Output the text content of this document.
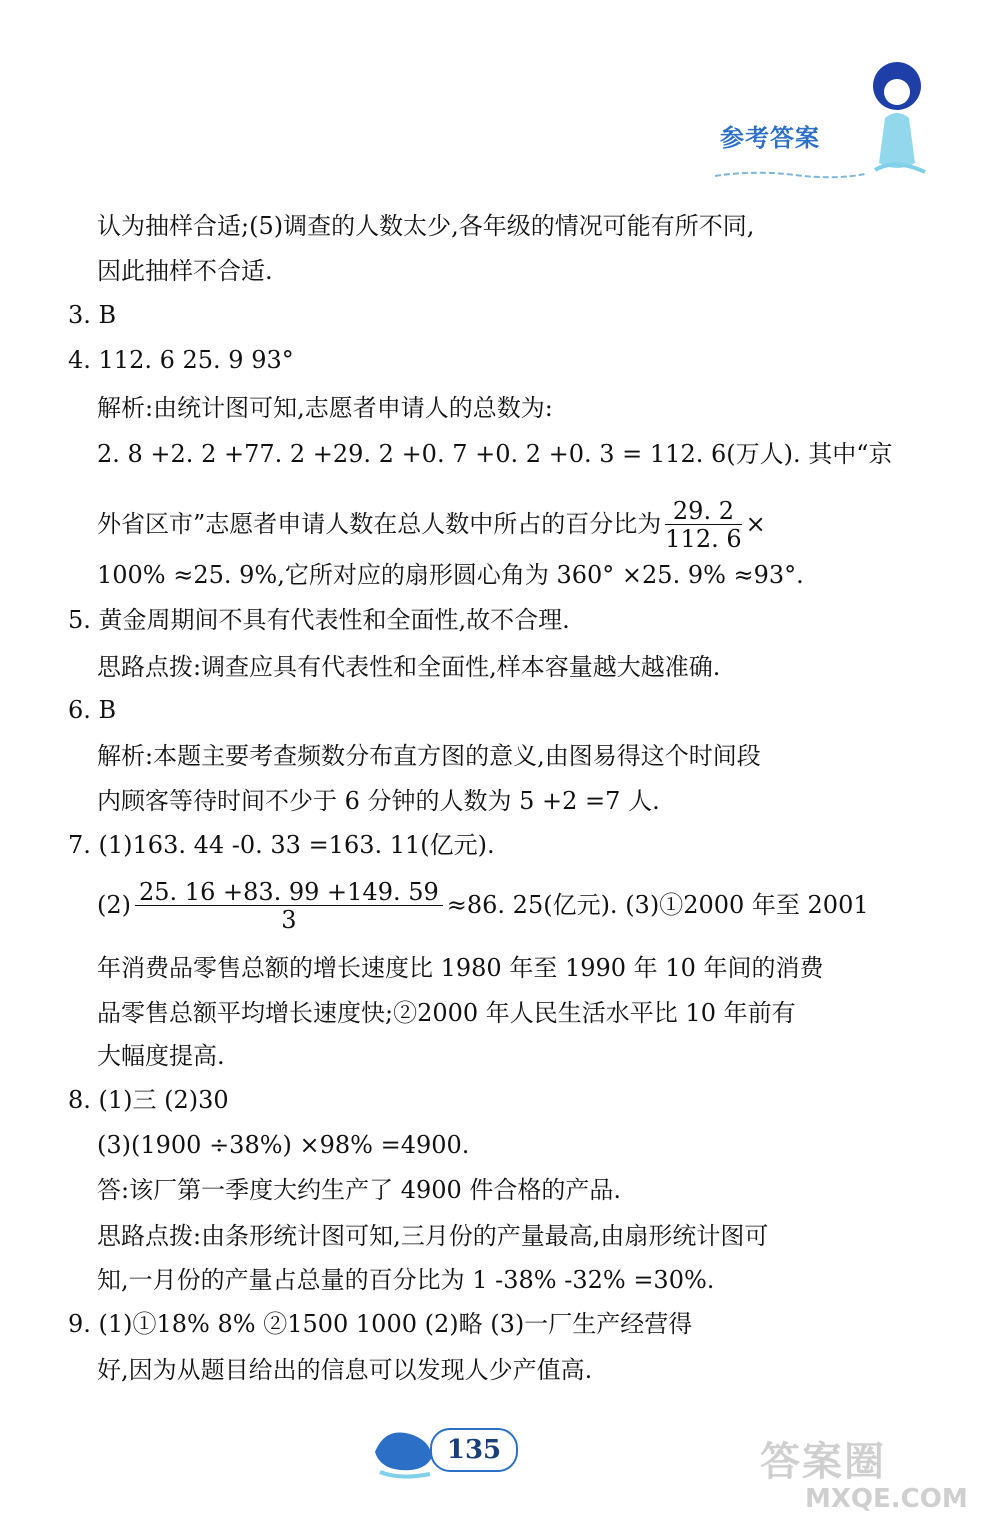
参考答案
认为抽样合适;(5)调查的人数太少,各年级的情况可能有所不同,
因此抽样不合适.
3. B
4. 112. 6 25. 9 93°
解析:由统计图可知,志愿者申请人的总数为:
2. 8 +2. 2 +77. 2 +29. 2 +0. 7 +0. 2 +0. 3 = 112. 6(万人). 其中“京
外省区市”志愿者申请人数在总人数中所占的百分比为 $\frac{29. 2}{112. 6}$ ×
100% ≈25. 9%,它所对应的扇形圆心角为 360° ×25. 9% ≈93°.
5. 黄金周期间不具有代表性和全面性,故不合理.
思路点拨:调查应具有代表性和全面性,样本容量越大越准确.
6. B
解析:本题主要考查频数分布直方图的意义,由图易得这个时间段
内顾客等待时间不少于 6 分钟的人数为 5 +2 =7 人.
7. (1)163. 44 -0. 33 =163. 11(亿元).
$(2) \frac{25. 16 +83. 99 +149. 59}{3} \approx 86$. 25(亿元). (3)①2000 年至 2001
年消费品零售总额的增长速度比 1980 年至 1990 年 10 年间的消费
品零售总额平均增长速度快;②2000 年人民生活水平比 10 年前有
大幅度提高.
8. (1)三 (2)30
(3)(1900 ÷38%) ×98% =4900.
答:该厂第一季度大约生产了 4900 件合格的产品.
思路点拨:由条形统计图可知,三月份的产量最高,由扇形统计图可
知,一月份的产量占总量的百分比为 1 -38% -32% =30%.
9. (1)①18% 8% ②1500 1000 (2)略 (3)一厂生产经营得
好,因为从题目给出的信息可以发现人少产值高.
135	答案圈
MXQE.COM
